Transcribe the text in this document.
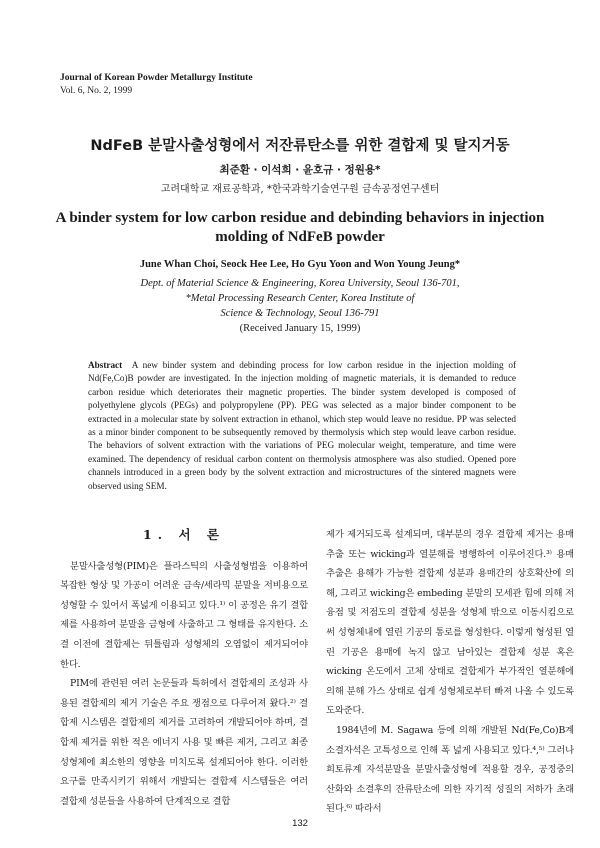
Journal of Korean Powder Metallurgy Institute
Vol. 6, No. 2, 1999
NdFeB 분말사출성형에서 저잔류탄소를 위한 결합제 및 탈지거동
최준환 · 이석희 · 윤호규 · 정원용*
고려대학교 재료공학과, *한국과학기술연구원 금속공정연구센터
A binder system for low carbon residue and debinding behaviors in injection molding of NdFeB powder
June Whan Choi, Seock Hee Lee, Ho Gyu Yoon and Won Young Jeung*
Dept. of Material Science & Engineering, Korea University, Seoul 136-701,
*Metal Processing Research Center, Korea Institute of
Science & Technology, Seoul 136-791
(Received January 15, 1999)
Abstract A new binder system and debinding process for low carbon residue in the injection molding of Nd(Fe,Co)B powder are investigated. In the injection molding of magnetic materials, it is demanded to reduce carbon residue which deteriorates their magnetic properties. The binder system developed is composed of polyethylene glycols (PEGs) and polypropylene (PP). PEG was selected as a major binder component to be extracted in a molecular state by solvent extraction in ethanol, which step would leave no residue. PP was selected as a minor binder component to be subsequently removed by thermolysis which step would leave carbon residue. The behaviors of solvent extraction with the variations of PEG molecular weight, temperature, and time were examined. The dependency of residual carbon content on thermolysis atmosphere was also studied. Opened pore channels introduced in a green body by the solvent extraction and microstructures of the sintered magnets were observed using SEM.
1. 서 론

분말사출성형(PIM)은 플라스틱의 사출성형법을 이용하여 복잡한 형상 및 가공이 어려운 금속/세라믹 분말을 저비용으로 성형할 수 있어서 폭넓게 이용되고 있다.¹⁾ 이 공정은 유기 결합제를 사용하여 분말을 금형에 사출하고 그 형태를 유지한다. 소결 이전에 결합제는 뒤틀림과 성형체의 오염없이 제거되어야 한다.

PIM에 관련된 여러 논문들과 특허에서 결합제의 조성과 사용된 결합제의 제거 기술은 주요 쟁점으로 다루어져 왔다.²⁾ 결합제 시스템은 결합제의 제거를 고려하여 개발되어야 하며, 결합제 제거를 위한 적은 에너지 사용 및 빠른 제거, 그리고 최종 성형체에 최소한의 영향을 미치도록 설계되어야 한다. 이러한 요구를 만족시키기 위해서 개발되는 결합제 시스템들은 여러 결합제 성분들을 사용하여 단계적으로 결합

제가 제거되도록 설계되며, 대부분의 경우 결합제 제거는 용매 추출 또는 wicking과 열분해를 병행하여 이루어진다.³⁾ 용매 추출은 용해가 가능한 결합제 성분과 용매간의 상호확산에 의해, 그리고 wicking은 embeding 분말의 모세관 힘에 의해 저융점 및 저점도의 결합제 성분을 성형체 밖으로 이동시킴으로써 성형체내에 열린 기공의 통로를 형성한다. 이렇게 형성된 열린 기공은 용매에 녹지 않고 남아있는 결합제 성분 혹은 wicking 온도에서 고체 상태로 결합제가 부가적인 열분해에 의해 분해 가스 상태로 쉽게 성형체로부터 빠져 나올 수 있도록 도와준다.

1984년에 M. Sagawa 등에 의해 개발된 Nd(Fe,Co)B계 소결자석은 고특성으로 인해 폭 넓게 사용되고 있다.⁴,⁵⁾ 그러나 희토류계 자석분말을 분말사출성형에 적용할 경우, 공정중의 산화와 소결후의 잔류탄소에 의한 자기적 성질의 저하가 초래된다.⁶⁾ 따라서

132
